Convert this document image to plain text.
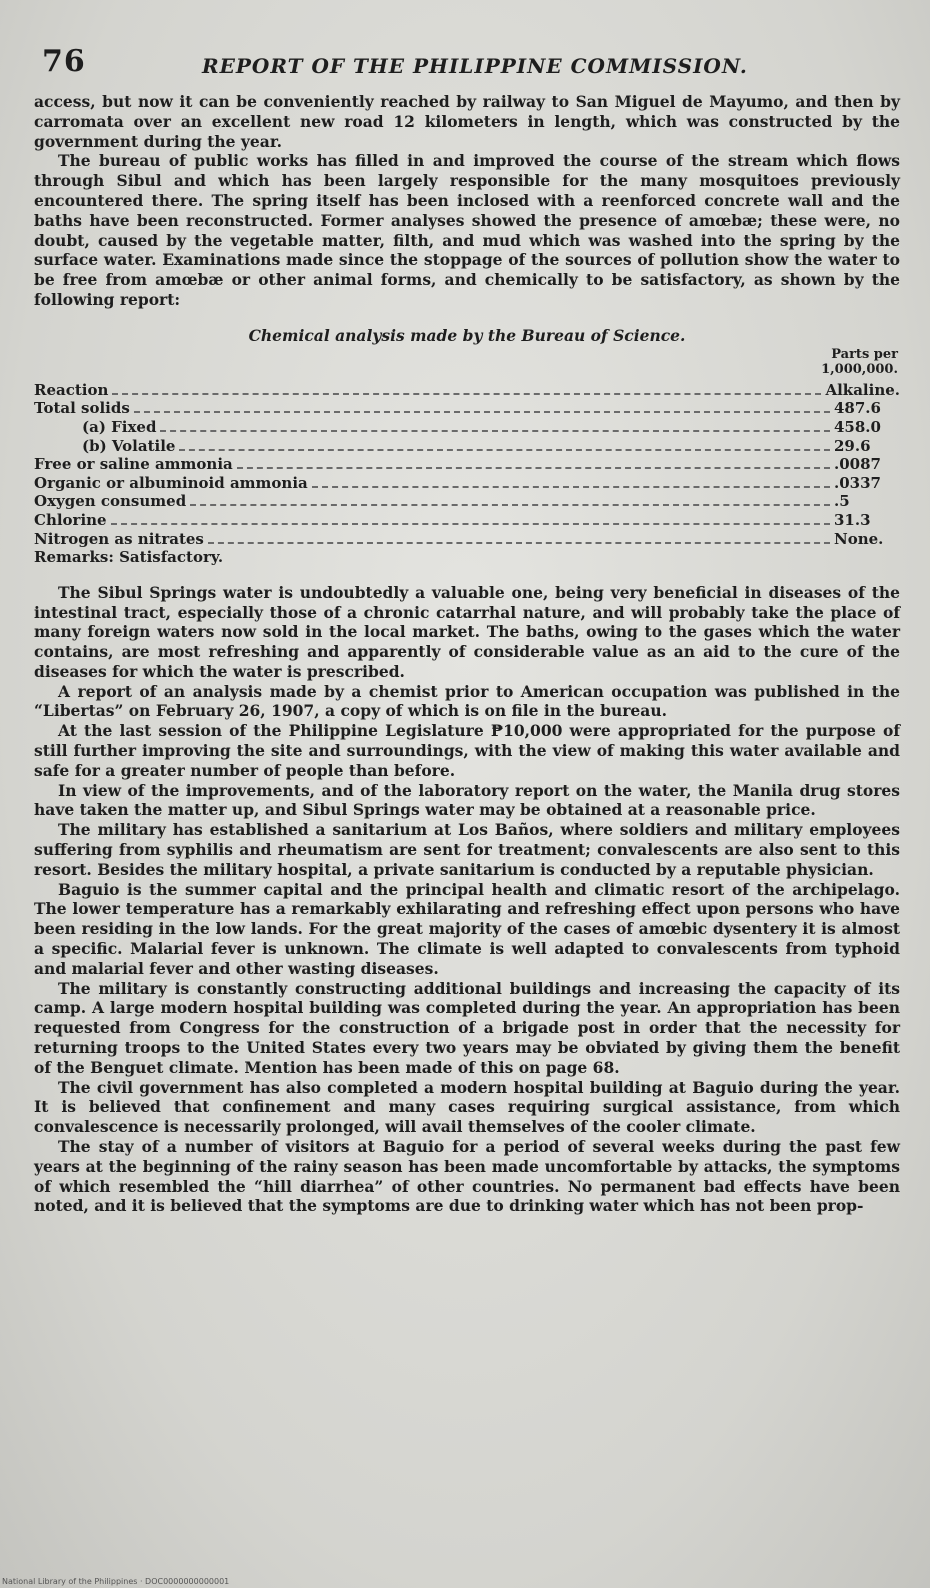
76	REPORT OF THE PHILIPPINE COMMISSION.

access, but now it can be conveniently reached by railway to San Miguel de Mayumo, and then by carromata over an excellent new road 12 kilometers in length, which was constructed by the government during the year.

The bureau of public works has filled in and improved the course of the stream which flows through Sibul and which has been largely responsible for the many mosquitoes previously encountered there. The spring itself has been inclosed with a reenforced concrete wall and the baths have been reconstructed. Former analyses showed the presence of amœbæ; these were, no doubt, caused by the vegetable matter, filth, and mud which was washed into the spring by the surface water. Examinations made since the stoppage of the sources of pollution show the water to be free from amœbæ or other animal forms, and chemically to be satisfactory, as shown by the following report:

Chemical analysis made by the Bureau of Science.
Parts per
1,000,000.
Reaction	Alkaline.
Total solids	487.6
(a) Fixed	458.0
(b) Volatile	29.6
Free or saline ammonia	.0087
Organic or albuminoid ammonia	.0337
Oxygen consumed	.5
Chlorine	31.3
Nitrogen as nitrates	None.
Remarks: Satisfactory.

The Sibul Springs water is undoubtedly a valuable one, being very beneficial in diseases of the intestinal tract, especially those of a chronic catarrhal nature, and will probably take the place of many foreign waters now sold in the local market. The baths, owing to the gases which the water contains, are most refreshing and apparently of considerable value as an aid to the cure of the diseases for which the water is prescribed.

A report of an analysis made by a chemist prior to American occupation was published in the “Libertas” on February 26, 1907, a copy of which is on file in the bureau.

At the last session of the Philippine Legislature ₱10,000 were appropriated for the purpose of still further improving the site and surroundings, with the view of making this water available and safe for a greater number of people than before.

In view of the improvements, and of the laboratory report on the water, the Manila drug stores have taken the matter up, and Sibul Springs water may be obtained at a reasonable price.

The military has established a sanitarium at Los Baños, where soldiers and military employees suffering from syphilis and rheumatism are sent for treatment; convalescents are also sent to this resort. Besides the military hospital, a private sanitarium is conducted by a reputable physician.

Baguio is the summer capital and the principal health and climatic resort of the archipelago. The lower temperature has a remarkably exhilarating and refreshing effect upon persons who have been residing in the low lands. For the great majority of the cases of amœbic dysentery it is almost a specific. Malarial fever is unknown. The climate is well adapted to convalescents from typhoid and malarial fever and other wasting diseases.

The military is constantly constructing additional buildings and increasing the capacity of its camp. A large modern hospital building was completed during the year. An appropriation has been requested from Congress for the construction of a brigade post in order that the necessity for returning troops to the United States every two years may be obviated by giving them the benefit of the Benguet climate. Mention has been made of this on page 68.

The civil government has also completed a modern hospital building at Baguio during the year. It is believed that confinement and many cases requiring surgical assistance, from which convalescence is necessarily prolonged, will avail themselves of the cooler climate.

The stay of a number of visitors at Baguio for a period of several weeks during the past few years at the beginning of the rainy season has been made uncomfortable by attacks, the symptoms of which resembled the “hill diarrhea” of other countries. No permanent bad effects have been noted, and it is believed that the symptoms are due to drinking water which has not been prop-

National Library of the Philippines · DOC0000000000001
